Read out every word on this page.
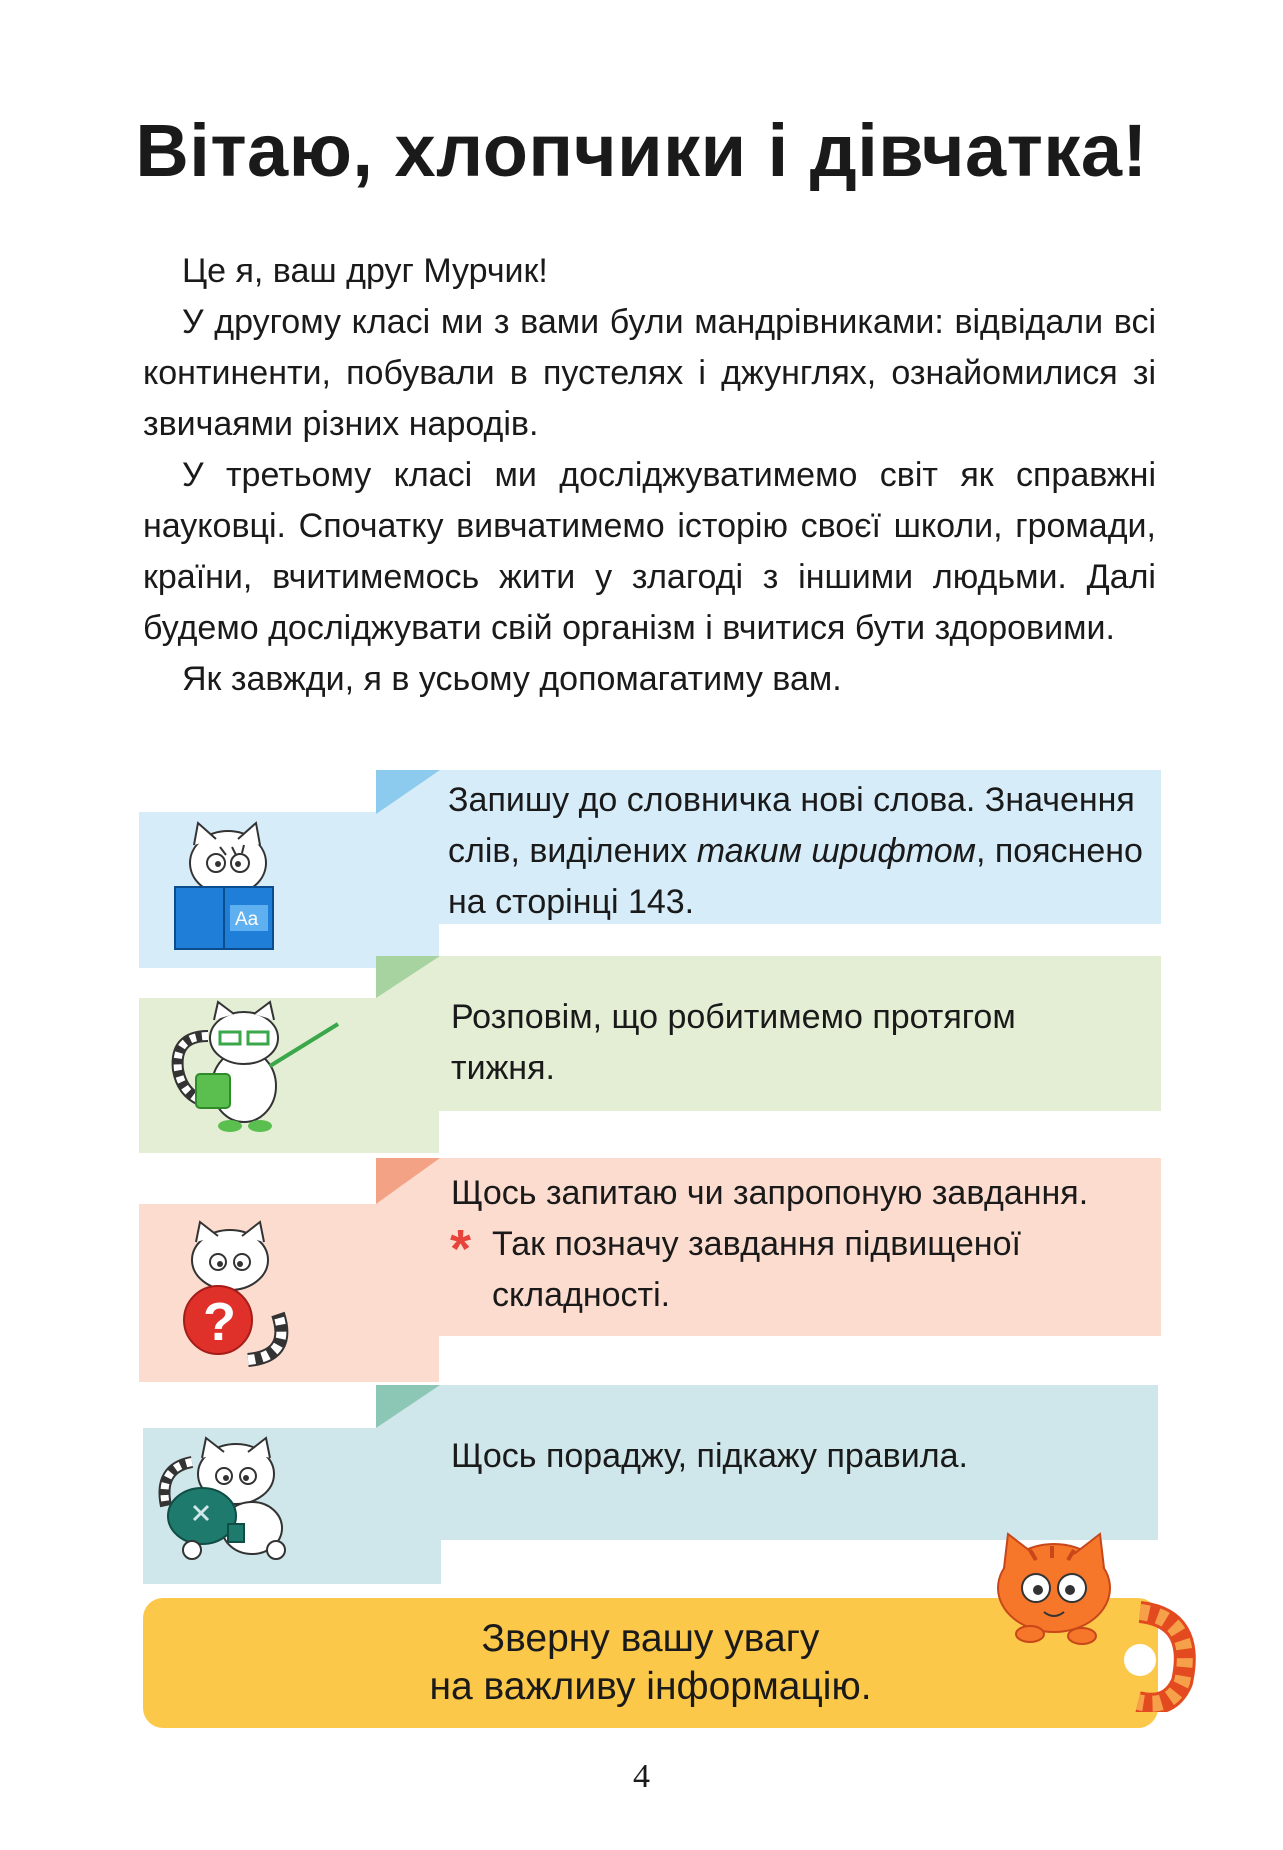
Вітаю, хлопчики і дівчатка!

Це я, ваш друг Мурчик!

У другому класі ми з вами були мандрівниками: відвідали всі континенти, побували в пустелях і джунглях, ознайомилися зі звичаями різних народів.

У третьому класі ми досліджуватимемо світ як справжні науковці. Спочатку вивчатимемо історію своєї школи, громади, країни, вчитимемось жити у злагоді з іншими людьми. Далі будемо досліджувати свій організм і вчитися бути здоровими.

Як завжди, я в усьому допомагатиму вам.

Запишу до словничка нові слова. Значення слів, виділених таким шрифтом, пояснено на сторінці 143.
Aa
Розповім, що робитимемо протягом тижня.
Щось запитаю чи запропоную завдання.
* Так позначу завдання підвищеної складності.
?
Щось пораджу, підкажу правила.
Зверну вашу увагу
на важливу інформацію.
4
